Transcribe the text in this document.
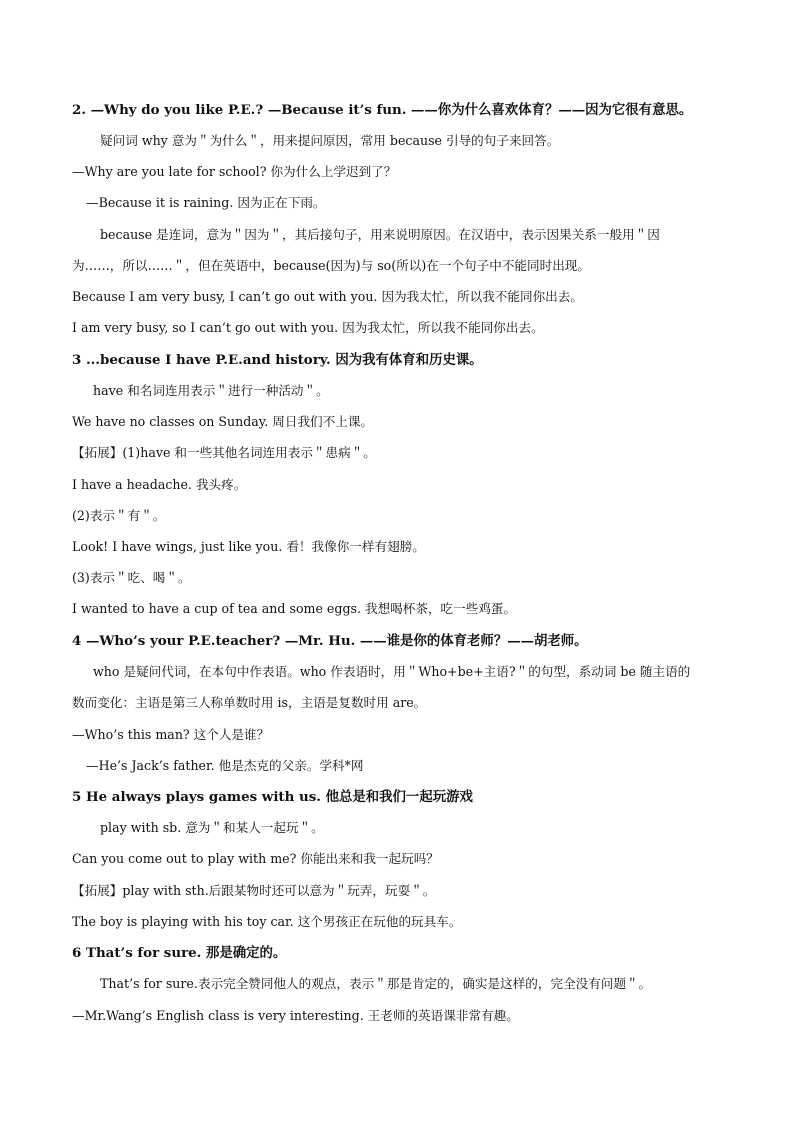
2. —Why do you like P.E.? —Because it’s fun. ——你为什么喜欢体育？——因为它很有意思。
疑问词 why 意为＂为什么＂，用来提问原因，常用 because 引导的句子来回答。
—Why are you late for school? 你为什么上学迟到了？
—Because it is raining. 因为正在下雨。
because 是连词，意为＂因为＂，其后接句子，用来说明原因。在汉语中，表示因果关系一般用＂因
为……，所以……＂，但在英语中，because(因为)与 so(所以)在一个句子中不能同时出现。
Because I am very busy, I can’t go out with you. 因为我太忙，所以我不能同你出去。
I am very busy, so I can’t go out with you. 因为我太忙，所以我不能同你出去。
3 ...because I have P.E.and history. 因为我有体育和历史课。
have 和名词连用表示＂进行一种活动＂。
We have no classes on Sunday. 周日我们不上课。
【拓展】(1)have 和一些其他名词连用表示＂患病＂。
I have a headache. 我头疼。
(2)表示＂有＂。
Look! I have wings, just like you. 看！我像你一样有翅膀。
(3)表示＂吃、喝＂。
I wanted to have a cup of tea and some eggs. 我想喝杯茶，吃一些鸡蛋。
4 —Who’s your P.E.teacher? —Mr. Hu. ——谁是你的体育老师？——胡老师。
who 是疑问代词，在本句中作表语。who 作表语时，用＂Who+be+主语?＂的句型，系动词 be 随主语的
数而变化：主语是第三人称单数时用 is，主语是复数时用 are。
—Who’s this man? 这个人是谁？
—He’s Jack’s father. 他是杰克的父亲。学科*网
5 He always plays games with us. 他总是和我们一起玩游戏
play with sb. 意为＂和某人一起玩＂。
Can you come out to play with me? 你能出来和我一起玩吗？
【拓展】play with sth.后跟某物时还可以意为＂玩弄，玩耍＂。
The boy is playing with his toy car. 这个男孩正在玩他的玩具车。
6 That’s for sure. 那是确定的。
That’s for sure.表示完全赞同他人的观点，表示＂那是肯定的，确实是这样的，完全没有问题＂。
—Mr.Wang’s English class is very interesting. 王老师的英语课非常有趣。
